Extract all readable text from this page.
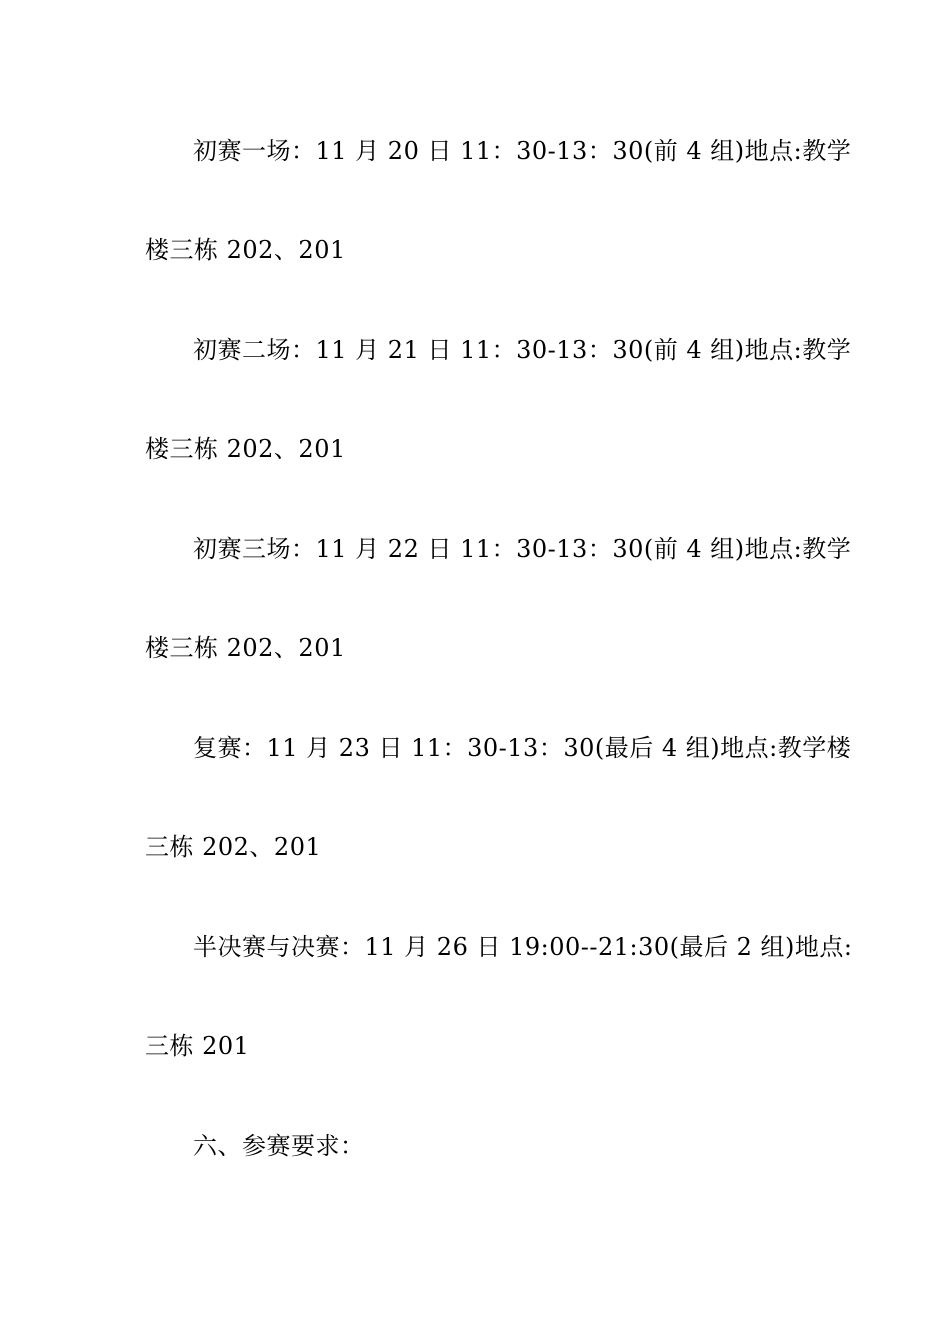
初赛一场：11 月 20 日 11：30-13：30(前 4 组)地点:教学
楼三栋 202、201
初赛二场：11 月 21 日 11：30-13：30(前 4 组)地点:教学
楼三栋 202、201
初赛三场：11 月 22 日 11：30-13：30(前 4 组)地点:教学
楼三栋 202、201
复赛：11 月 23 日 11：30-13：30(最后 4 组)地点:教学楼
三栋 202、201
半决赛与决赛：11 月 26 日 19:00--21:30(最后 2 组)地点:
三栋 201
六、参赛要求：
